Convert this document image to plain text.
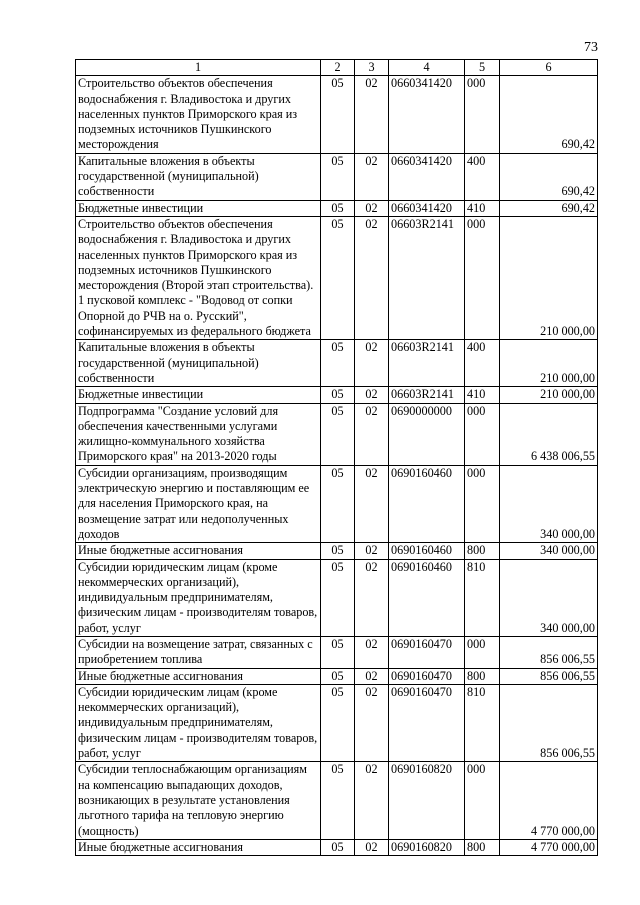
73
1	2	3	4	5	6
Строительство объектов обеспечения водоснабжения г. Владивостока и других населенных пунктов Приморского края из подземных источников Пушкинского месторождения	05	02	0660341420	000	690,42
Капитальные вложения в объекты государственной (муниципальной) собственности	05	02	0660341420	400	690,42
Бюджетные инвестиции	05	02	0660341420	410	690,42
Строительство объектов обеспечения водоснабжения г. Владивостока и других населенных пунктов Приморского края из подземных источников Пушкинского месторождения (Второй этап строительства). 1 пусковой комплекс - "Водовод от сопки Опорной до РЧВ на о. Русский", софинансируемых из федерального бюджета	05	02	06603R2141	000	210 000,00
Капитальные вложения в объекты государственной (муниципальной) собственности	05	02	06603R2141	400	210 000,00
Бюджетные инвестиции	05	02	06603R2141	410	210 000,00
Подпрограмма "Создание условий для обеспечения качественными услугами жилищно-коммунального хозяйства Приморского края" на 2013-2020 годы	05	02	0690000000	000	6 438 006,55
Субсидии организациям, производящим электрическую энергию и поставляющим ее для населения Приморского края, на возмещение затрат или недополученных доходов	05	02	0690160460	000	340 000,00
Иные бюджетные ассигнования	05	02	0690160460	800	340 000,00
Субсидии юридическим лицам (кроме некоммерческих организаций), индивидуальным предпринимателям, физическим лицам - производителям товаров, работ, услуг	05	02	0690160460	810	340 000,00
Субсидии на возмещение затрат, связанных с приобретением топлива	05	02	0690160470	000	856 006,55
Иные бюджетные ассигнования	05	02	0690160470	800	856 006,55
Субсидии юридическим лицам (кроме некоммерческих организаций), индивидуальным предпринимателям, физическим лицам - производителям товаров, работ, услуг	05	02	0690160470	810	856 006,55
Субсидии теплоснабжающим организациям на компенсацию выпадающих доходов, возникающих в результате установления льготного тарифа на тепловую энергию (мощность)	05	02	0690160820	000	4 770 000,00
Иные бюджетные ассигнования	05	02	0690160820	800	4 770 000,00
